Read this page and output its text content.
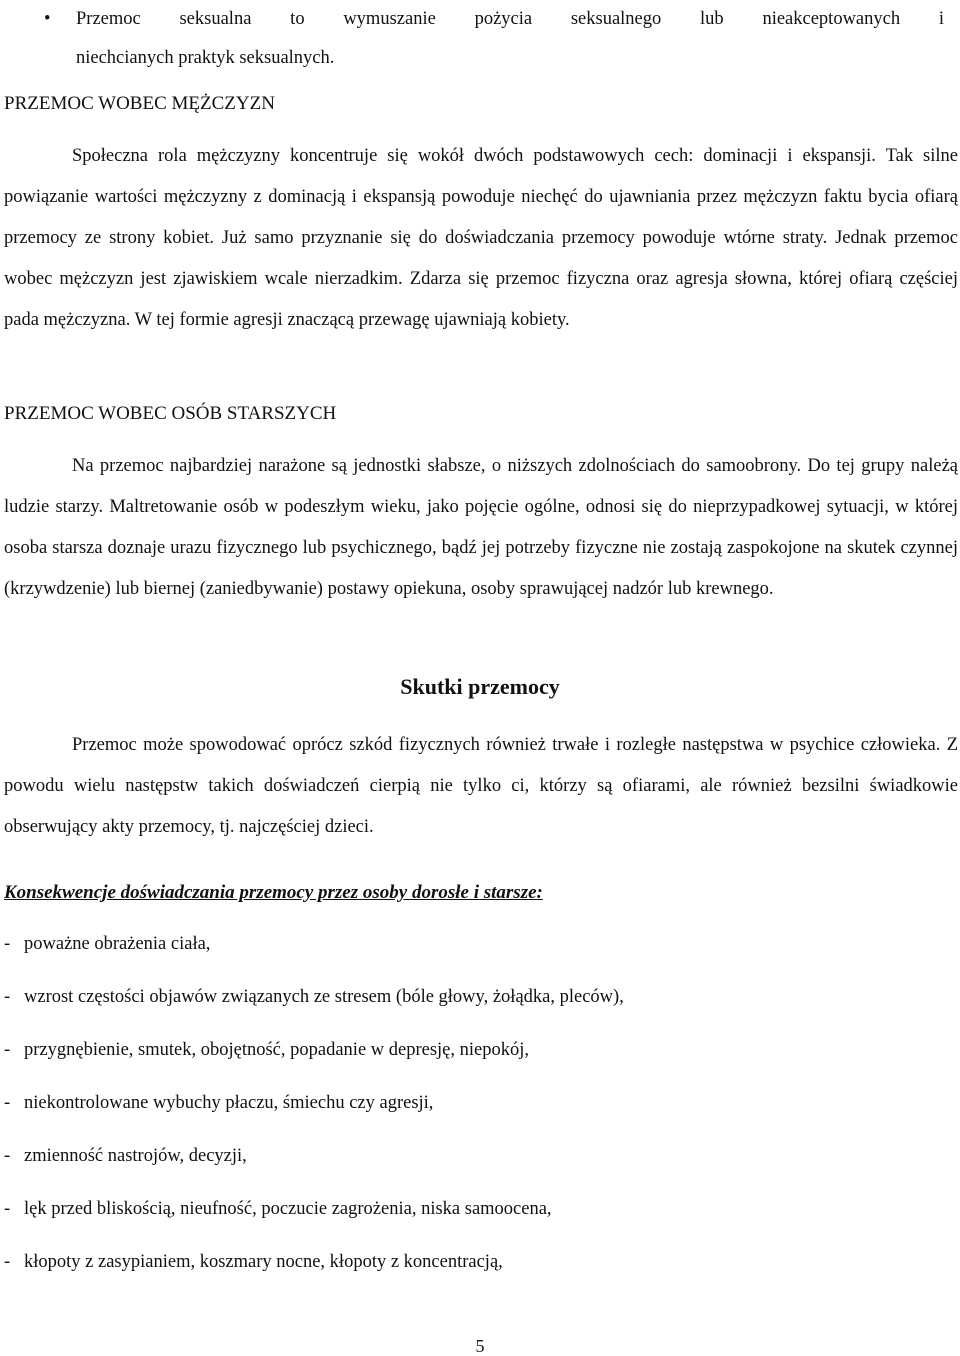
•	Przemoc seksualna to wymuszanie pożycia seksualnego lub nieakceptowanych i
niechcianych praktyk seksualnych.
PRZEMOC WOBEC MĘŻCZYZN

Społeczna rola mężczyzny koncentruje się wokół dwóch podstawowych cech: dominacji i ekspansji. Tak silne powiązanie wartości mężczyzny z dominacją i ekspansją powoduje niechęć do ujawniania przez mężczyzn faktu bycia ofiarą przemocy ze strony kobiet. Już samo przyznanie się do doświadczania przemocy powoduje wtórne straty. Jednak przemoc wobec mężczyzn jest zjawiskiem wcale nierzadkim. Zdarza się przemoc fizyczna oraz agresja słowna, której ofiarą częściej pada mężczyzna. W tej formie agresji znaczącą przewagę ujawniają kobiety.

PRZEMOC WOBEC OSÓB STARSZYCH

Na przemoc najbardziej narażone są jednostki słabsze, o niższych zdolnościach do samoobrony. Do tej grupy należą ludzie starzy. Maltretowanie osób w podeszłym wieku, jako pojęcie ogólne, odnosi się do nieprzypadkowej sytuacji, w której osoba starsza doznaje urazu fizycznego lub psychicznego, bądź jej potrzeby fizyczne nie zostają zaspokojone na skutek czynnej (krzywdzenie) lub biernej (zaniedbywanie) postawy opiekuna, osoby sprawującej nadzór lub krewnego.

Skutki przemocy

Przemoc może spowodować oprócz szkód fizycznych również trwałe i rozległe następstwa w psychice człowieka. Z powodu wielu następstw takich doświadczeń cierpią nie tylko ci, którzy są ofiarami, ale również bezsilni świadkowie obserwujący akty przemocy, tj. najczęściej dzieci.

Konsekwencje doświadczania przemocy przez osoby dorosłe i starsze:
- poważne obrażenia ciała,
- wzrost częstości objawów związanych ze stresem (bóle głowy, żołądka, pleców),
- przygnębienie, smutek, obojętność, popadanie w depresję, niepokój,
- niekontrolowane wybuchy płaczu, śmiechu czy agresji,
- zmienność nastrojów, decyzji,
- lęk przed bliskością, nieufność, poczucie zagrożenia, niska samoocena,
- kłopoty z zasypianiem, koszmary nocne, kłopoty z koncentracją,
5
